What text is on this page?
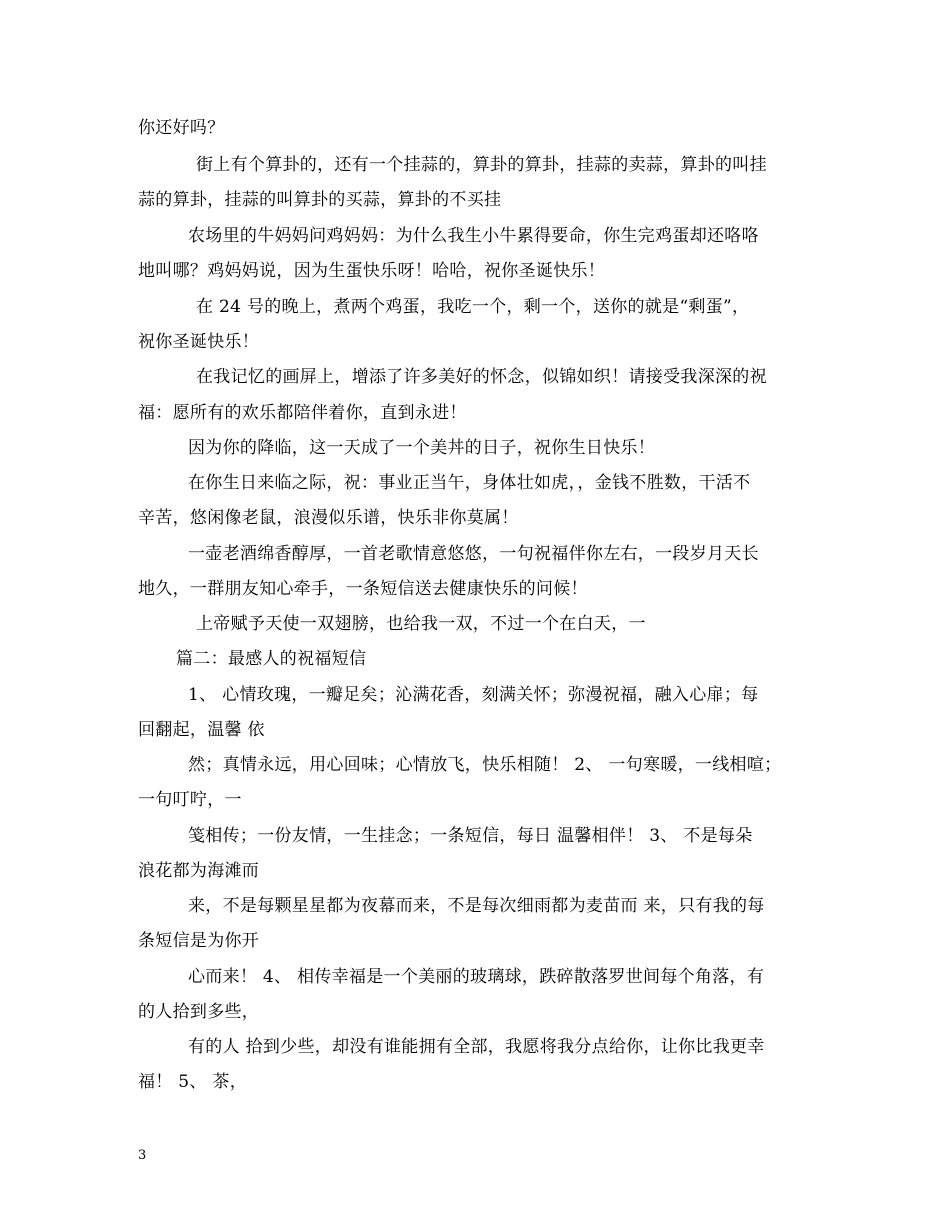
你还好吗？
街上有个算卦的，还有一个挂蒜的，算卦的算卦，挂蒜的卖蒜，算卦的叫挂
蒜的算卦，挂蒜的叫算卦的买蒜，算卦的不买挂
农场里的牛妈妈问鸡妈妈：为什么我生小牛累得要命，你生完鸡蛋却还咯咯
地叫哪？鸡妈妈说，因为生蛋快乐呀！哈哈，祝你圣诞快乐！
在 24 号的晚上，煮两个鸡蛋，我吃一个，剩一个，送你的就是“剩蛋”，
祝你圣诞快乐！
在我记忆的画屏上，增添了许多美好的怀念，似锦如织！请接受我深深的祝
福：愿所有的欢乐都陪伴着你，直到永进！
因为你的降临，这一天成了一个美丼的日子，祝你生日快乐！
在你生日来临之际，祝：事业正当午，身体壮如虎，，金钱不胜数，干活不
辛苦，悠闲像老鼠，浪漫似乐谱，快乐非你莫属！
一壶老酒绵香醇厚，一首老歌情意悠悠，一句祝福伴你左右，一段岁月天长
地久，一群朋友知心牵手，一条短信送去健康快乐的问候！
上帝赋予天使一双翅膀，也给我一双，不过一个在白天，一
篇二：最感人的祝福短信
1、 心情玫瑰，一瓣足矣；沁满花香，刻满关怀；弥漫祝福，融入心扉；每
回翻起，温馨 依
然；真情永远，用心回味；心情放飞，快乐相随！ 2、 一句寒暖，一线相喧；
一句叮咛，一
笺相传；一份友情，一生挂念；一条短信，每日 温馨相伴！ 3、 不是每朵
浪花都为海滩而
来，不是每颗星星都为夜幕而来，不是每次细雨都为麦苗而 来，只有我的每
条短信是为你开
心而来！ 4、 相传幸福是一个美丽的玻璃球，跌碎散落罗世间每个角落，有
的人拾到多些，
有的人 拾到少些，却没有谁能拥有全部，我愿将我分点给你，让你比我更幸
福！ 5、 茶，
3
